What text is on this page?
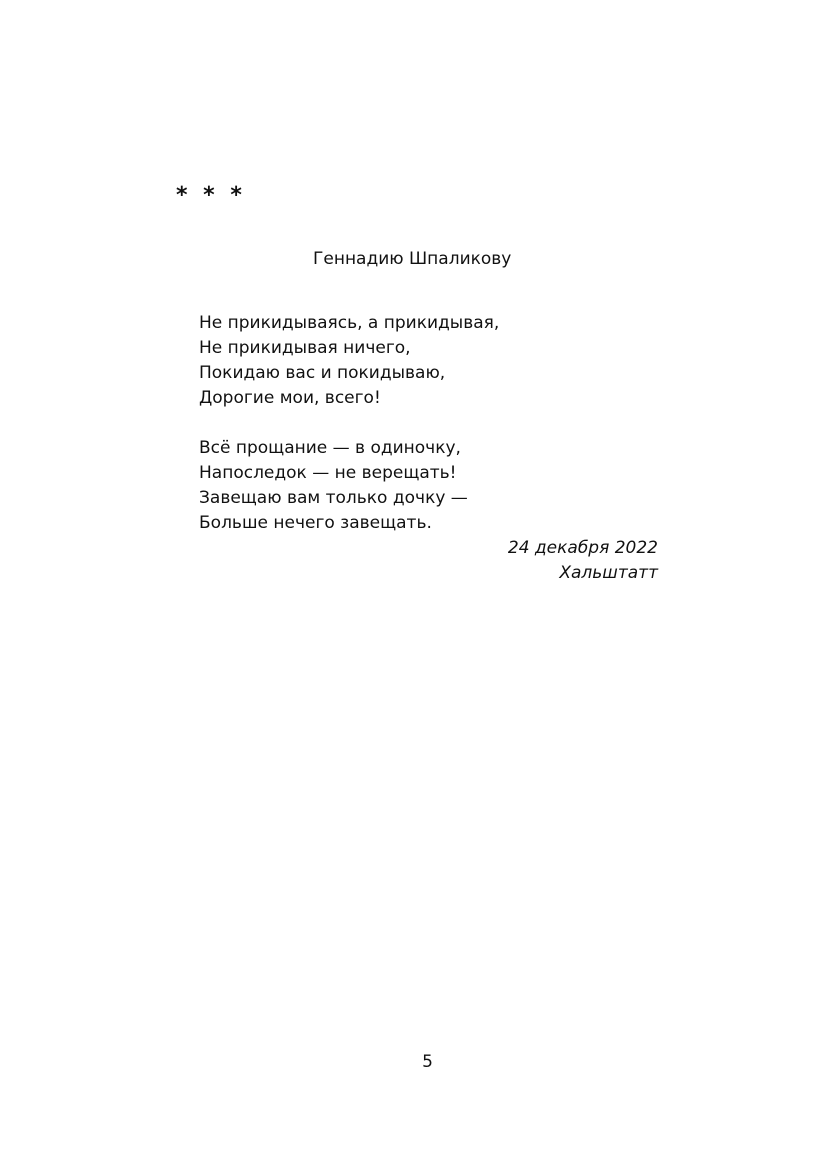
* * *
Геннадию Шпаликову
Не прикидываясь, а прикидывая,
Не прикидывая ничего,
Покидаю вас и покидываю,
Дорогие мои, всего!
Всё прощание — в одиночку,
Напоследок — не верещать!
Завещаю вам только дочку —
Больше нечего завещать.
24 декабря 2022
Хальштатт
5
